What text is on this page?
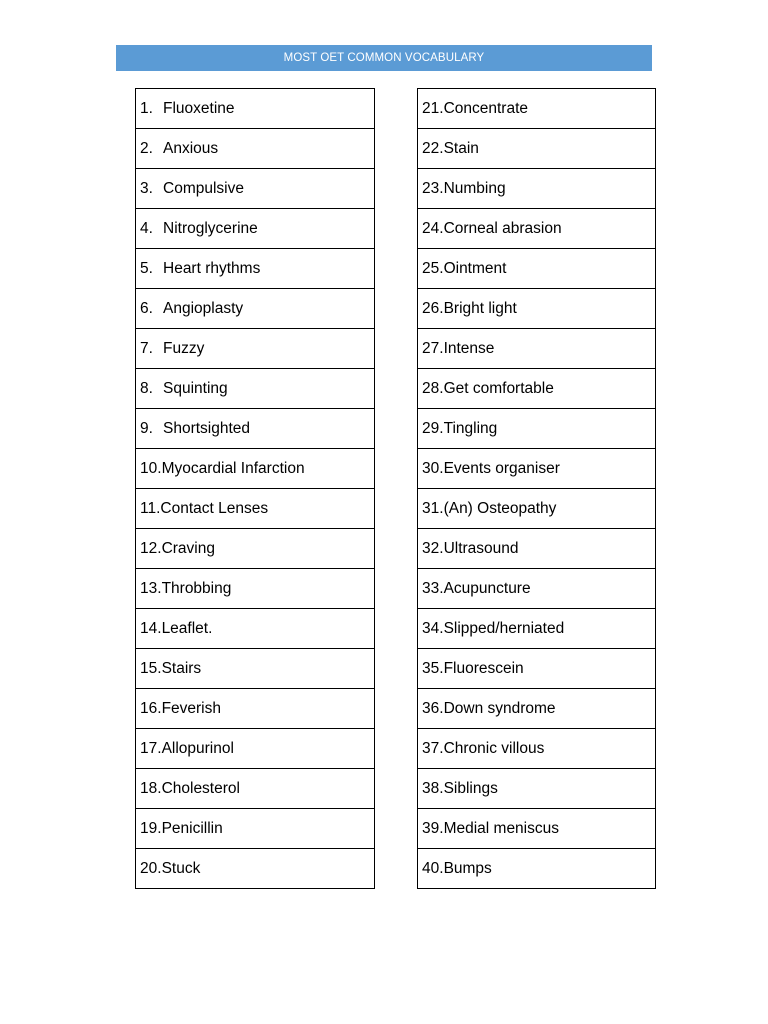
MOST OET COMMON VOCABULARY
1. Fluoxetine
2. Anxious
3. Compulsive
4. Nitroglycerine
5. Heart rhythms
6. Angioplasty
7. Fuzzy
8. Squinting
9. Shortsighted
10.Myocardial Infarction
11.Contact Lenses
12.Craving
13.Throbbing
14.Leaflet.
15.Stairs
16.Feverish
17.Allopurinol
18.Cholesterol
19.Penicillin
20.Stuck
21.Concentrate
22.Stain
23.Numbing
24.Corneal abrasion
25.Ointment
26.Bright light
27.Intense
28.Get comfortable
29.Tingling
30.Events organiser
31.(An) Osteopathy
32.Ultrasound
33.Acupuncture
34.Slipped/herniated
35.Fluorescein
36.Down syndrome
37.Chronic villous
38.Siblings
39.Medial meniscus
40.Bumps
